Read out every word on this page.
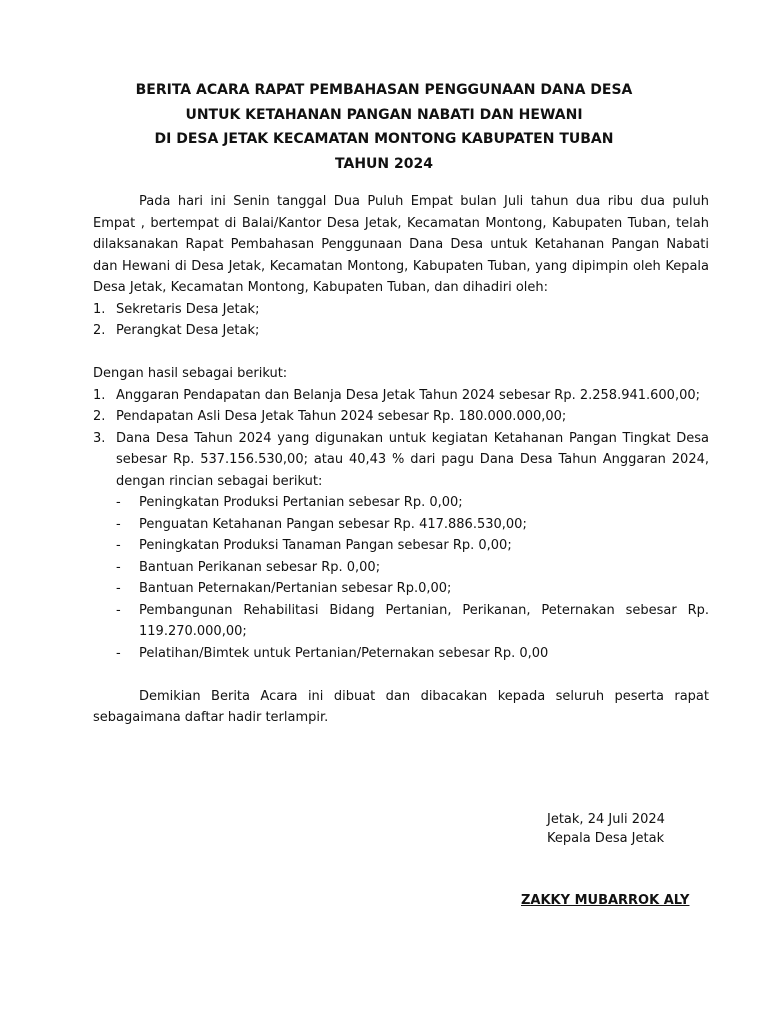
BERITA ACARA RAPAT PEMBAHASAN PENGGUNAAN DANA DESA
UNTUK KETAHANAN PANGAN NABATI DAN HEWANI
DI DESA JETAK KECAMATAN MONTONG KABUPATEN TUBAN
TAHUN 2024

Pada hari ini Senin tanggal Dua Puluh Empat bulan Juli tahun dua ribu dua puluh Empat , bertempat di Balai/Kantor Desa Jetak, Kecamatan Montong, Kabupaten Tuban, telah dilaksanakan Rapat Pembahasan Penggunaan Dana Desa untuk Ketahanan Pangan Nabati dan Hewani di Desa Jetak, Kecamatan Montong, Kabupaten Tuban, yang dipimpin oleh Kepala Desa Jetak, Kecamatan Montong, Kabupaten Tuban, dan dihadiri oleh:

1. Sekretaris Desa Jetak;
2. Perangkat Desa Jetak;

Dengan hasil sebagai berikut:

1. Anggaran Pendapatan dan Belanja Desa Jetak Tahun 2024 sebesar Rp. 2.258.941.600,00;
2. Pendapatan Asli Desa Jetak Tahun 2024 sebesar Rp. 180.000.000,00;
3. Dana Desa Tahun 2024 yang digunakan untuk kegiatan Ketahanan Pangan Tingkat Desa sebesar Rp. 537.156.530,00; atau 40,43 % dari pagu Dana Desa Tahun Anggaran 2024, dengan rincian sebagai berikut:
- Peningkatan Produksi Pertanian sebesar Rp. 0,00;
- Penguatan Ketahanan Pangan sebesar Rp. 417.886.530,00;
- Peningkatan Produksi Tanaman Pangan sebesar Rp. 0,00;
- Bantuan Perikanan sebesar Rp. 0,00;
- Bantuan Peternakan/Pertanian sebesar Rp.0,00;
- Pembangunan Rehabilitasi Bidang Pertanian, Perikanan, Peternakan sebesar Rp. 119.270.000,00;
- Pelatihan/Bimtek untuk Pertanian/Peternakan sebesar Rp. 0,00

Demikian Berita Acara ini dibuat dan dibacakan kepada seluruh peserta rapat sebagaimana daftar hadir terlampir.

Jetak, 24 Juli 2024
Kepala Desa Jetak
ZAKKY MUBARROK ALY
